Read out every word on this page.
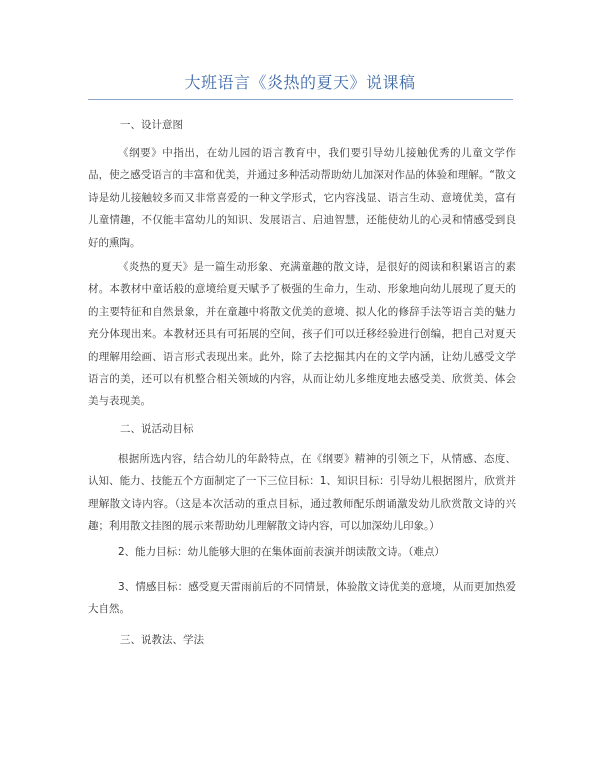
大班语言《炎热的夏天》说课稿
一、设计意图

《纲要》中指出，在幼儿园的语言教育中，我们要引导幼儿接触优秀的儿童文学作品，使之感受语言的丰富和优美，并通过多种活动帮助幼儿加深对作品的体验和理解。“散文诗是幼儿接触较多而又非常喜爱的一种文学形式，它内容浅显、语言生动、意境优美，富有儿童情趣，不仅能丰富幼儿的知识、发展语言、启迪智慧，还能使幼儿的心灵和情感受到良好的熏陶。

《炎热的夏天》是一篇生动形象、充满童趣的散文诗，是很好的阅读和积累语言的素材。本教材中童话般的意境给夏天赋予了极强的生命力，生动、形象地向幼儿展现了夏天的的主要特征和自然景象，并在童趣中将散文优美的意境、拟人化的修辞手法等语言美的魅力充分体现出来。本教材还具有可拓展的空间，孩子们可以迁移经验进行创编，把自己对夏天的理解用绘画、语言形式表现出来。此外，除了去挖掘其内在的文学内涵，让幼儿感受文学语言的美，还可以有机整合相关领域的内容，从而让幼儿多维度地去感受美、欣赏美、体会美与表现美。

二、说活动目标

根据所选内容，结合幼儿的年龄特点，在《纲要》精神的引领之下，从情感、态度、认知、能力、技能五个方面制定了一下三位目标：1、知识目标：引导幼儿根据图片，欣赏并理解散文诗内容。（这是本次活动的重点目标，通过教师配乐朗诵激发幼儿欣赏散文诗的兴趣；利用散文挂图的展示来帮助幼儿理解散文诗内容，可以加深幼儿印象。）

2、能力目标：幼儿能够大胆的在集体面前表演并朗读散文诗。（难点）

3、情感目标：感受夏天雷雨前后的不同情景，体验散文诗优美的意境，从而更加热爱大自然。

三、说教法、学法
